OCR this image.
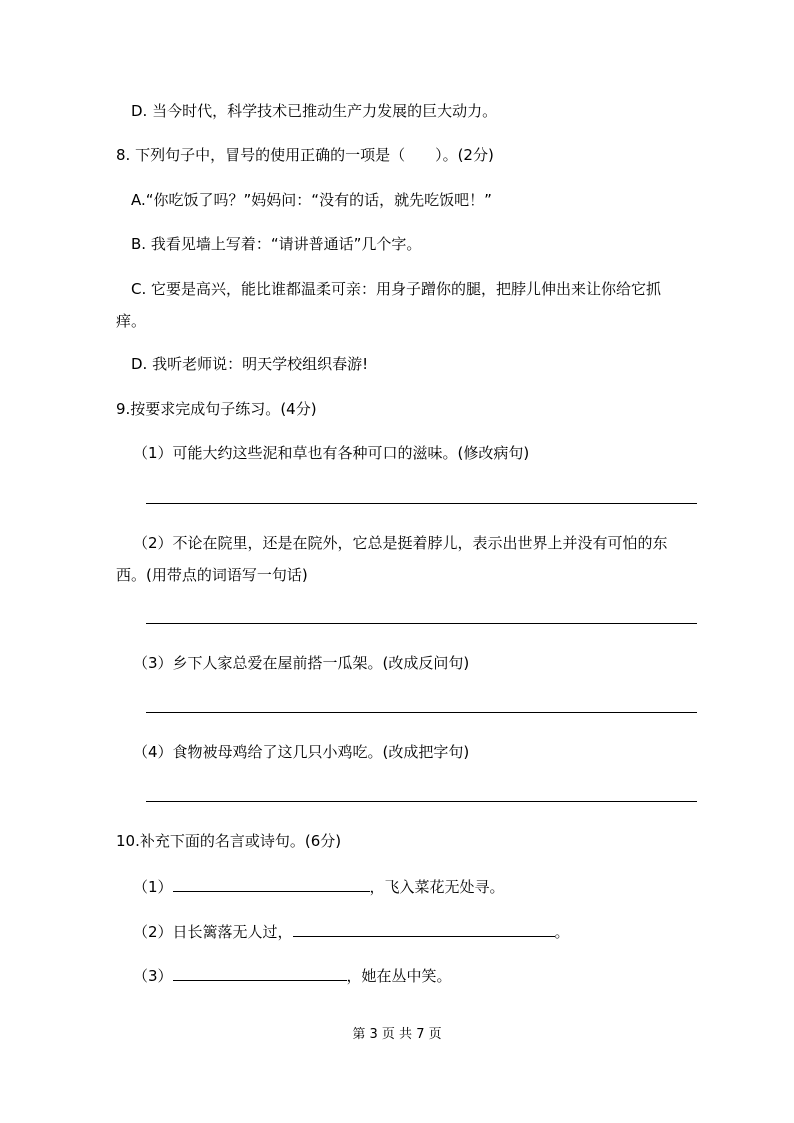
D. 当今时代，科学技术已推动生产力发展的巨大动力。
8. 下列句子中，冒号的使用正确的一项是（　　）。(2分)
A.“你吃饭了吗？”妈妈问：“没有的话，就先吃饭吧！”
B. 我看见墙上写着：“请讲普通话”几个字。
C. 它要是高兴，能比谁都温柔可亲：用身子蹭你的腿，把脖儿伸出来让你给它抓
痒。
D. 我听老师说：明天学校组织春游!
9.按要求完成句子练习。(4分)
（1）可能大约这些泥和草也有各种可口的滋味。(修改病句)
（2）不论在院里，还是在院外，它总是挺着脖儿，表示出世界上并没有可怕的东
西。(用带点的词语写一句话)
（3）乡下人家总爱在屋前搭一瓜架。(改成反问句)
（4）食物被母鸡给了这几只小鸡吃。(改成把字句)
10.补充下面的名言或诗句。(6分)
（1）	，飞入菜花无处寻。
（2）日长篱落无人过，	。
（3）	，她在丛中笑。
第 3 页 共 7 页
